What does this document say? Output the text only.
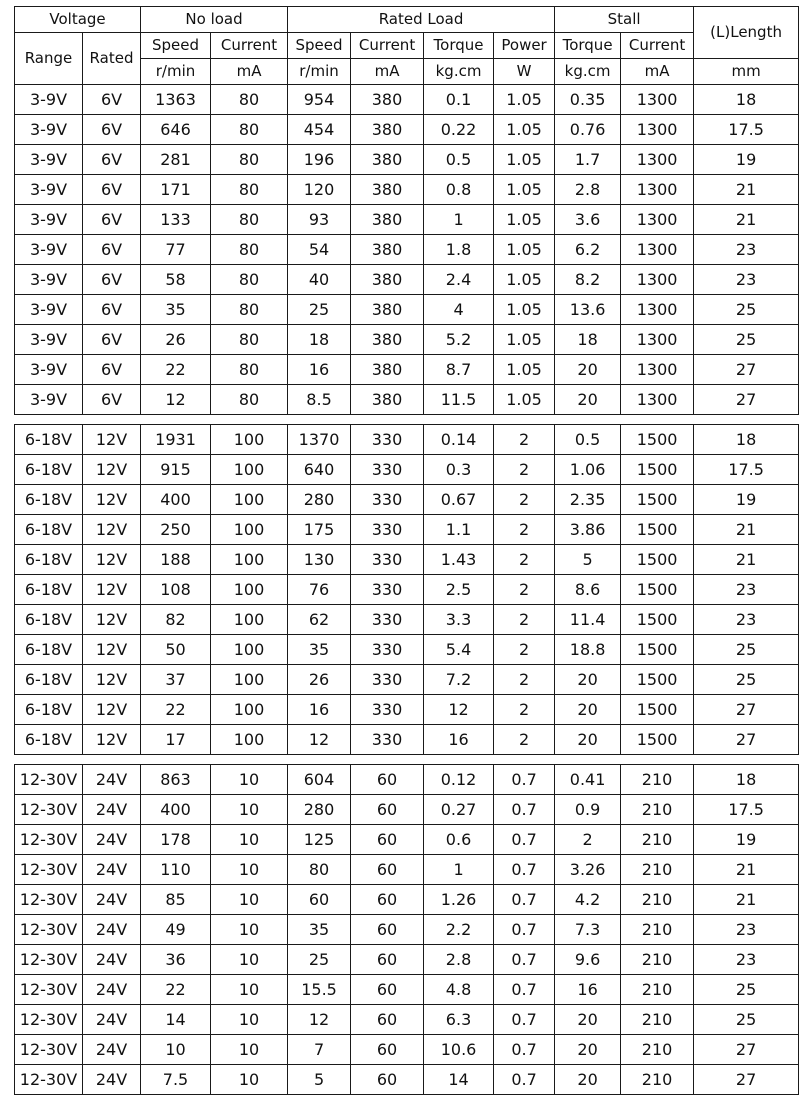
Voltage		No load		Rated Load				Stall		(L)Length
Range	Rated	Speed	Current	Speed	Current	Torque	Power	Torque	Current	
		r/min	mA	r/min	mA	kg.cm	W	kg.cm	mA	mm
3-9V	6V	1363	80	954	380	0.1	1.05	0.35	1300	18
3-9V	6V	646	80	454	380	0.22	1.05	0.76	1300	17.5
3-9V	6V	281	80	196	380	0.5	1.05	1.7	1300	19
3-9V	6V	171	80	120	380	0.8	1.05	2.8	1300	21
3-9V	6V	133	80	93	380	1	1.05	3.6	1300	21
3-9V	6V	77	80	54	380	1.8	1.05	6.2	1300	23
3-9V	6V	58	80	40	380	2.4	1.05	8.2	1300	23
3-9V	6V	35	80	25	380	4	1.05	13.6	1300	25
3-9V	6V	26	80	18	380	5.2	1.05	18	1300	25
3-9V	6V	22	80	16	380	8.7	1.05	20	1300	27
3-9V	6V	12	80	8.5	380	11.5	1.05	20	1300	27

6-18V	12V	1931	100	1370	330	0.14	2	0.5	1500	18
6-18V	12V	915	100	640	330	0.3	2	1.06	1500	17.5
6-18V	12V	400	100	280	330	0.67	2	2.35	1500	19
6-18V	12V	250	100	175	330	1.1	2	3.86	1500	21
6-18V	12V	188	100	130	330	1.43	2	5	1500	21
6-18V	12V	108	100	76	330	2.5	2	8.6	1500	23
6-18V	12V	82	100	62	330	3.3	2	11.4	1500	23
6-18V	12V	50	100	35	330	5.4	2	18.8	1500	25
6-18V	12V	37	100	26	330	7.2	2	20	1500	25
6-18V	12V	22	100	16	330	12	2	20	1500	27
6-18V	12V	17	100	12	330	16	2	20	1500	27

12-30V	24V	863	10	604	60	0.12	0.7	0.41	210	18
12-30V	24V	400	10	280	60	0.27	0.7	0.9	210	17.5
12-30V	24V	178	10	125	60	0.6	0.7	2	210	19
12-30V	24V	110	10	80	60	1	0.7	3.26	210	21
12-30V	24V	85	10	60	60	1.26	0.7	4.2	210	21
12-30V	24V	49	10	35	60	2.2	0.7	7.3	210	23
12-30V	24V	36	10	25	60	2.8	0.7	9.6	210	23
12-30V	24V	22	10	15.5	60	4.8	0.7	16	210	25
12-30V	24V	14	10	12	60	6.3	0.7	20	210	25
12-30V	24V	10	10	7	60	10.6	0.7	20	210	27
12-30V	24V	7.5	10	5	60	14	0.7	20	210	27
